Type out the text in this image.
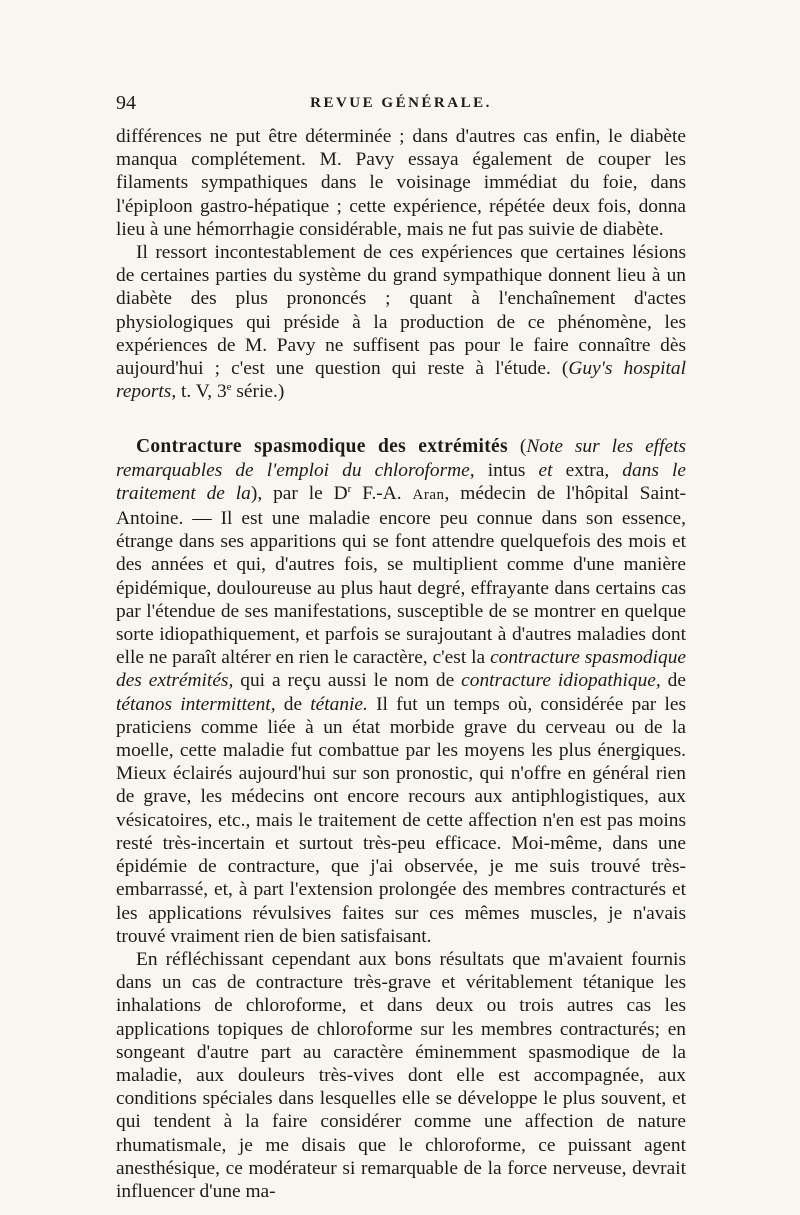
94	REVUE GÉNÉRALE.

différences ne put être déterminée ; dans d'autres cas enfin, le diabète manqua complétement. M. Pavy essaya également de couper les filaments sympathiques dans le voisinage immédiat du foie, dans l'épiploon gastro-hépatique ; cette expérience, répétée deux fois, donna lieu à une hémorrhagie considérable, mais ne fut pas suivie de diabète.

Il ressort incontestablement de ces expériences que certaines lésions de certaines parties du système du grand sympathique donnent lieu à un diabète des plus prononcés ; quant à l'enchaînement d'actes physiologiques qui préside à la production de ce phénomène, les expériences de M. Pavy ne suffisent pas pour le faire connaître dès aujourd'hui ; c'est une question qui reste à l'étude. (Guy's hospital reports, t. V, 3e série.)

Contracture spasmodique des extrémités (Note sur les effets remarquables de l'emploi du chloroforme, intus et extra, dans le traitement de la), par le $D^r$ F.-A. Aran, médecin de l'hôpital Saint-Antoine. — Il est une maladie encore peu connue dans son essence, étrange dans ses apparitions qui se font attendre quelquefois des mois et des années et qui, d'autres fois, se multiplient comme d'une manière épidémique, douloureuse au plus haut degré, effrayante dans certains cas par l'étendue de ses manifestations, susceptible de se montrer en quelque sorte idiopathiquement, et parfois se surajoutant à d'autres maladies dont elle ne paraît altérer en rien le caractère, c'est la contracture spasmodique des extrémités, qui a reçu aussi le nom de contracture idiopathique, de tétanos intermittent, de tétanie. Il fut un temps où, considérée par les praticiens comme liée à un état morbide grave du cerveau ou de la moelle, cette maladie fut combattue par les moyens les plus énergiques. Mieux éclairés aujourd'hui sur son pronostic, qui n'offre en général rien de grave, les médecins ont encore recours aux antiphlogistiques, aux vésicatoires, etc., mais le traitement de cette affection n'en est pas moins resté très-incertain et surtout très-peu efficace. Moi-même, dans une épidémie de contracture, que j'ai observée, je me suis trouvé très-embarrassé, et, à part l'extension prolongée des membres contracturés et les applications révulsives faites sur ces mêmes muscles, je n'avais trouvé vraiment rien de bien satisfaisant.

En réfléchissant cependant aux bons résultats que m'avaient fournis dans un cas de contracture très-grave et véritablement tétanique les inhalations de chloroforme, et dans deux ou trois autres cas les applications topiques de chloroforme sur les membres contracturés; en songeant d'autre part au caractère éminemment spasmodique de la maladie, aux douleurs très-vives dont elle est accompagnée, aux conditions spéciales dans lesquelles elle se développe le plus souvent, et qui tendent à la faire considérer comme une affection de nature rhumatismale, je me disais que le chloroforme, ce puissant agent anesthésique, ce modérateur si remarquable de la force nerveuse, devrait influencer d'une ma-
